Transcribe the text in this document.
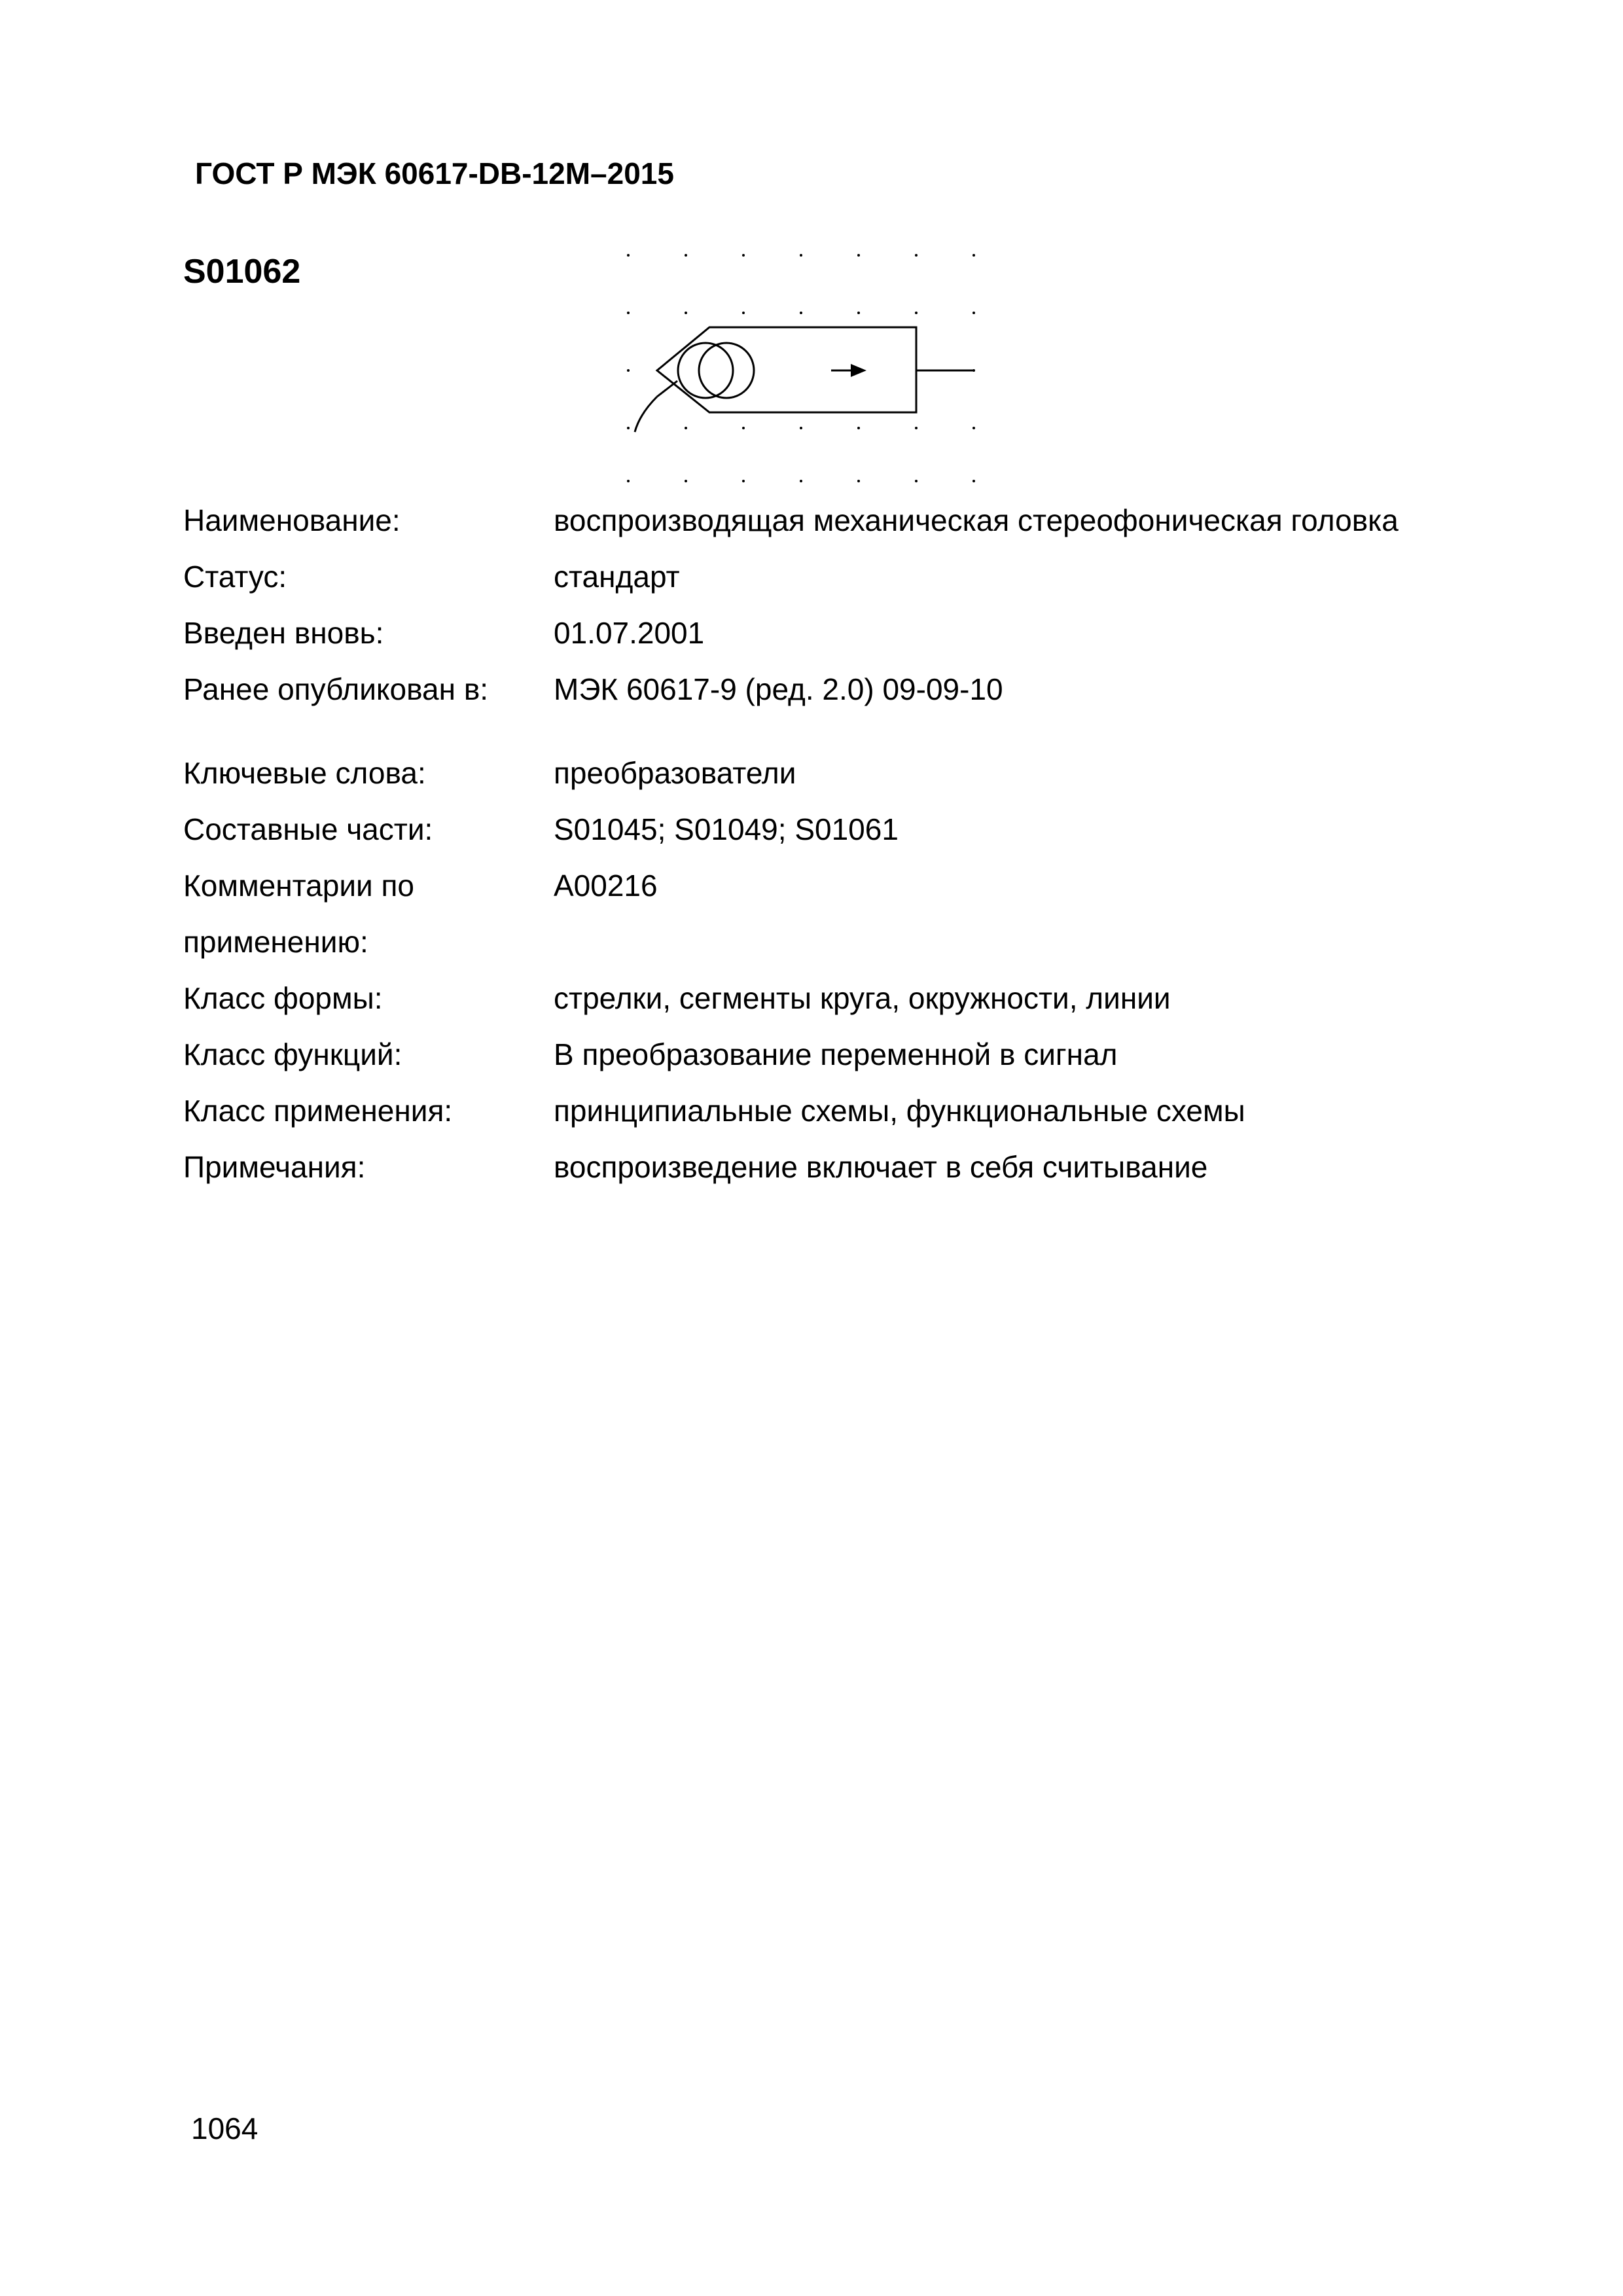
ГОСТ Р МЭК 60617-DB-12M–2015
S01062
Наименование:	воспроизводящая механическая стереофоническая головка
Статус:	стандарт
Введен вновь:	01.07.2001
Ранее опубликован в:	МЭК 60617-9 (ред. 2.0) 09-09-10
Ключевые слова:	преобразователи
Составные части:	S01045; S01049; S01061
Комментарии по применению:
A00216
Класс формы:	стрелки, сегменты круга, окружности, линии
Класс функций:	В преобразование переменной в сигнал
Класс применения:	принципиальные схемы, функциональные схемы
Примечания:	воспроизведение включает в себя считывание
1064
